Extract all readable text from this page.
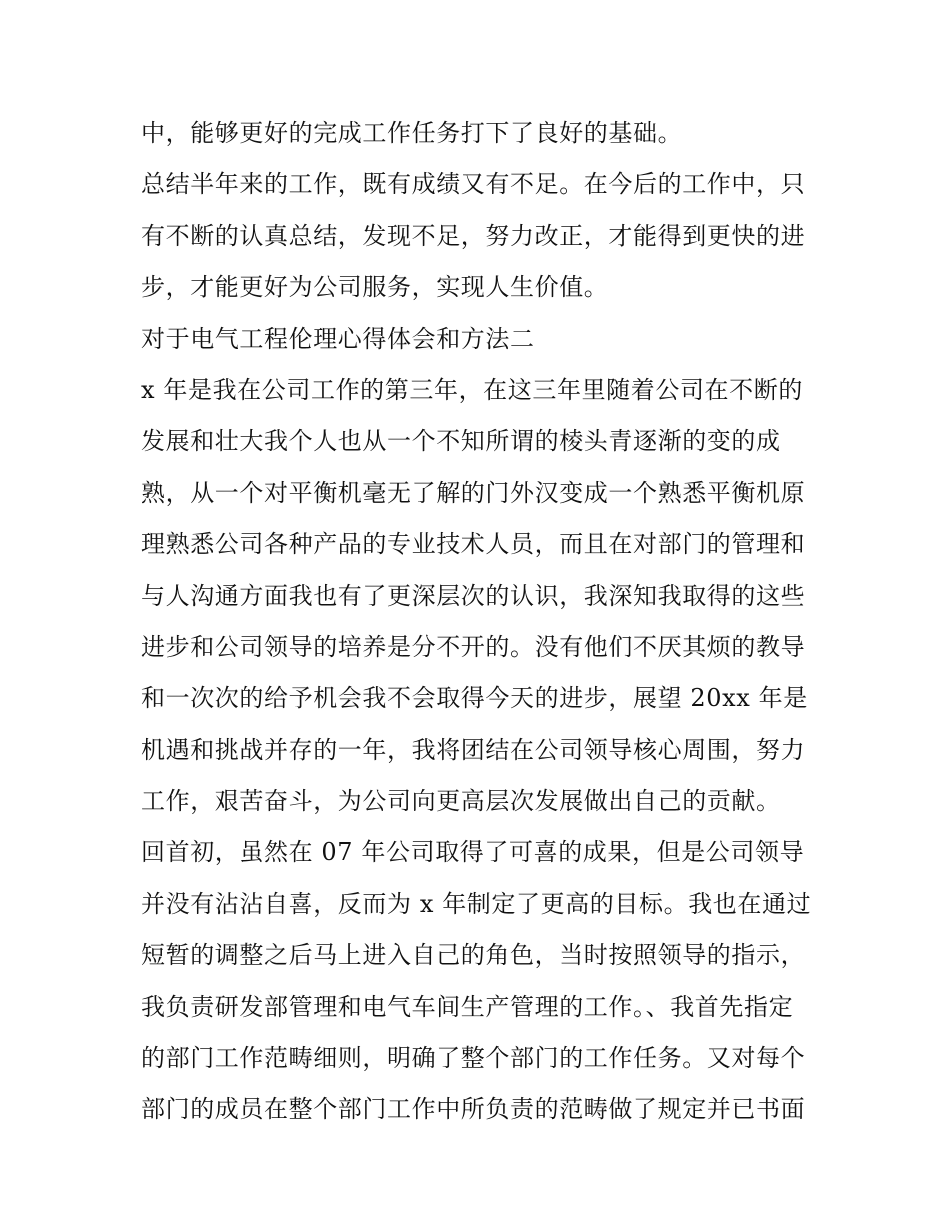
中，能够更好的完成工作任务打下了良好的基础。
总结半年来的工作，既有成绩又有不足。在今后的工作中，只
有不断的认真总结，发现不足，努力改正，才能得到更快的进
步，才能更好为公司服务，实现人生价值。
对于电气工程伦理心得体会和方法二
x 年是我在公司工作的第三年，在这三年里随着公司在不断的
发展和壮大我个人也从一个不知所谓的棱头青逐渐的变的成
熟，从一个对平衡机毫无了解的门外汉变成一个熟悉平衡机原
理熟悉公司各种产品的专业技术人员，而且在对部门的管理和
与人沟通方面我也有了更深层次的认识，我深知我取得的这些
进步和公司领导的培养是分不开的。没有他们不厌其烦的教导
和一次次的给予机会我不会取得今天的进步，展望 20xx 年是
机遇和挑战并存的一年，我将团结在公司领导核心周围，努力
工作，艰苦奋斗，为公司向更高层次发展做出自己的贡献。
回首初，虽然在 07 年公司取得了可喜的成果，但是公司领导
并没有沾沾自喜，反而为 x 年制定了更高的目标。我也在通过
短暂的调整之后马上进入自己的角色，当时按照领导的指示，
我负责研发部管理和电气车间生产管理的工作。、我首先指定
的部门工作范畴细则，明确了整个部门的工作任务。又对每个
部门的成员在整个部门工作中所负责的范畴做了规定并已书面
